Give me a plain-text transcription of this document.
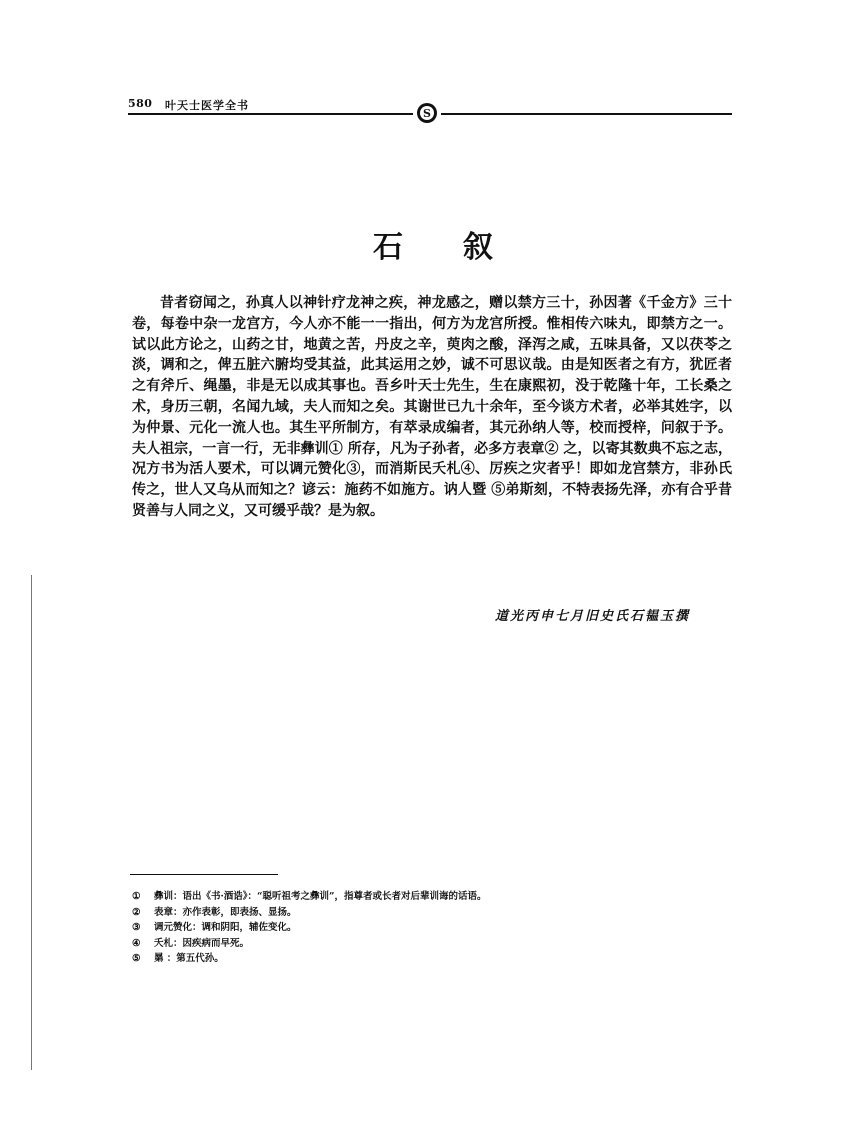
580 叶天士医学全书
S
石叙

昔者窃闻之，孙真人以神针疗龙神之疾，神龙感之，赠以禁方三十，孙因著《千金方》三十卷，每卷中杂一龙宫方，今人亦不能一一指出，何方为龙宫所授。惟相传六味丸，即禁方之一。试以此方论之，山药之甘，地黄之苦，丹皮之辛，萸肉之酸，泽泻之咸，五味具备，又以茯苓之淡，调和之，俾五脏六腑均受其益，此其运用之妙，诚不可思议哉。由是知医者之有方，犹匠者之有斧斤、绳墨，非是无以成其事也。吾乡叶天士先生，生在康熙初，没于乾隆十年，工长桑之术，身历三朝，名闻九域，夫人而知之矣。其谢世已九十余年，至今谈方术者，必举其姓字，以为仲景、元化一流人也。其生平所制方，有萃录成编者，其元孙纳人等，校而授梓，问叙于予。夫人祖宗，一言一行，无非彝训① 所存，凡为子孙者，必多方表章② 之，以寄其数典不忘之志，况方书为活人要术，可以调元赞化③，而消斯民夭札④、厉疾之灾者乎！即如龙宫禁方，非孙氏传之，世人又乌从而知之？谚云：施药不如施方。讷人暨 ⑤弟斯刻，不特表扬先泽，亦有合乎昔贤善与人同之义，又可缓乎哉？是为叙。

道光丙申七月旧史氏石韫玉撰
① 彝训：语出《书·酒诰》：“聪听祖考之彝训”，指尊者或长者对后辈训诲的话语。
② 表章：亦作表彰，即表扬、显扬。
③ 调元赞化：调和阴阳，辅佐变化。
④ 夭札：因疾病而早死。
⑤ 晜 ：第五代孙。
